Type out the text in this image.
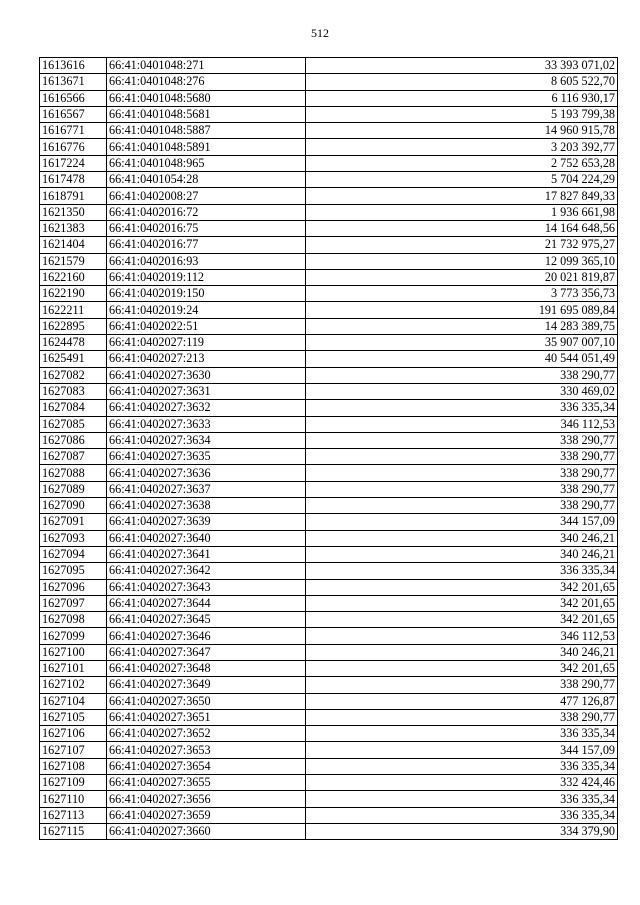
512
1613616	66:41:0401048:271	33 393 071,02
1613671	66:41:0401048:276	8 605 522,70
1616566	66:41:0401048:5680	6 116 930,17
1616567	66:41:0401048:5681	5 193 799,38
1616771	66:41:0401048:5887	14 960 915,78
1616776	66:41:0401048:5891	3 203 392,77
1617224	66:41:0401048:965	2 752 653,28
1617478	66:41:0401054:28	5 704 224,29
1618791	66:41:0402008:27	17 827 849,33
1621350	66:41:0402016:72	1 936 661,98
1621383	66:41:0402016:75	14 164 648,56
1621404	66:41:0402016:77	21 732 975,27
1621579	66:41:0402016:93	12 099 365,10
1622160	66:41:0402019:112	20 021 819,87
1622190	66:41:0402019:150	3 773 356,73
1622211	66:41:0402019:24	191 695 089,84
1622895	66:41:0402022:51	14 283 389,75
1624478	66:41:0402027:119	35 907 007,10
1625491	66:41:0402027:213	40 544 051,49
1627082	66:41:0402027:3630	338 290,77
1627083	66:41:0402027:3631	330 469,02
1627084	66:41:0402027:3632	336 335,34
1627085	66:41:0402027:3633	346 112,53
1627086	66:41:0402027:3634	338 290,77
1627087	66:41:0402027:3635	338 290,77
1627088	66:41:0402027:3636	338 290,77
1627089	66:41:0402027:3637	338 290,77
1627090	66:41:0402027:3638	338 290,77
1627091	66:41:0402027:3639	344 157,09
1627093	66:41:0402027:3640	340 246,21
1627094	66:41:0402027:3641	340 246,21
1627095	66:41:0402027:3642	336 335,34
1627096	66:41:0402027:3643	342 201,65
1627097	66:41:0402027:3644	342 201,65
1627098	66:41:0402027:3645	342 201,65
1627099	66:41:0402027:3646	346 112,53
1627100	66:41:0402027:3647	340 246,21
1627101	66:41:0402027:3648	342 201,65
1627102	66:41:0402027:3649	338 290,77
1627104	66:41:0402027:3650	477 126,87
1627105	66:41:0402027:3651	338 290,77
1627106	66:41:0402027:3652	336 335,34
1627107	66:41:0402027:3653	344 157,09
1627108	66:41:0402027:3654	336 335,34
1627109	66:41:0402027:3655	332 424,46
1627110	66:41:0402027:3656	336 335,34
1627113	66:41:0402027:3659	336 335,34
1627115	66:41:0402027:3660	334 379,90
